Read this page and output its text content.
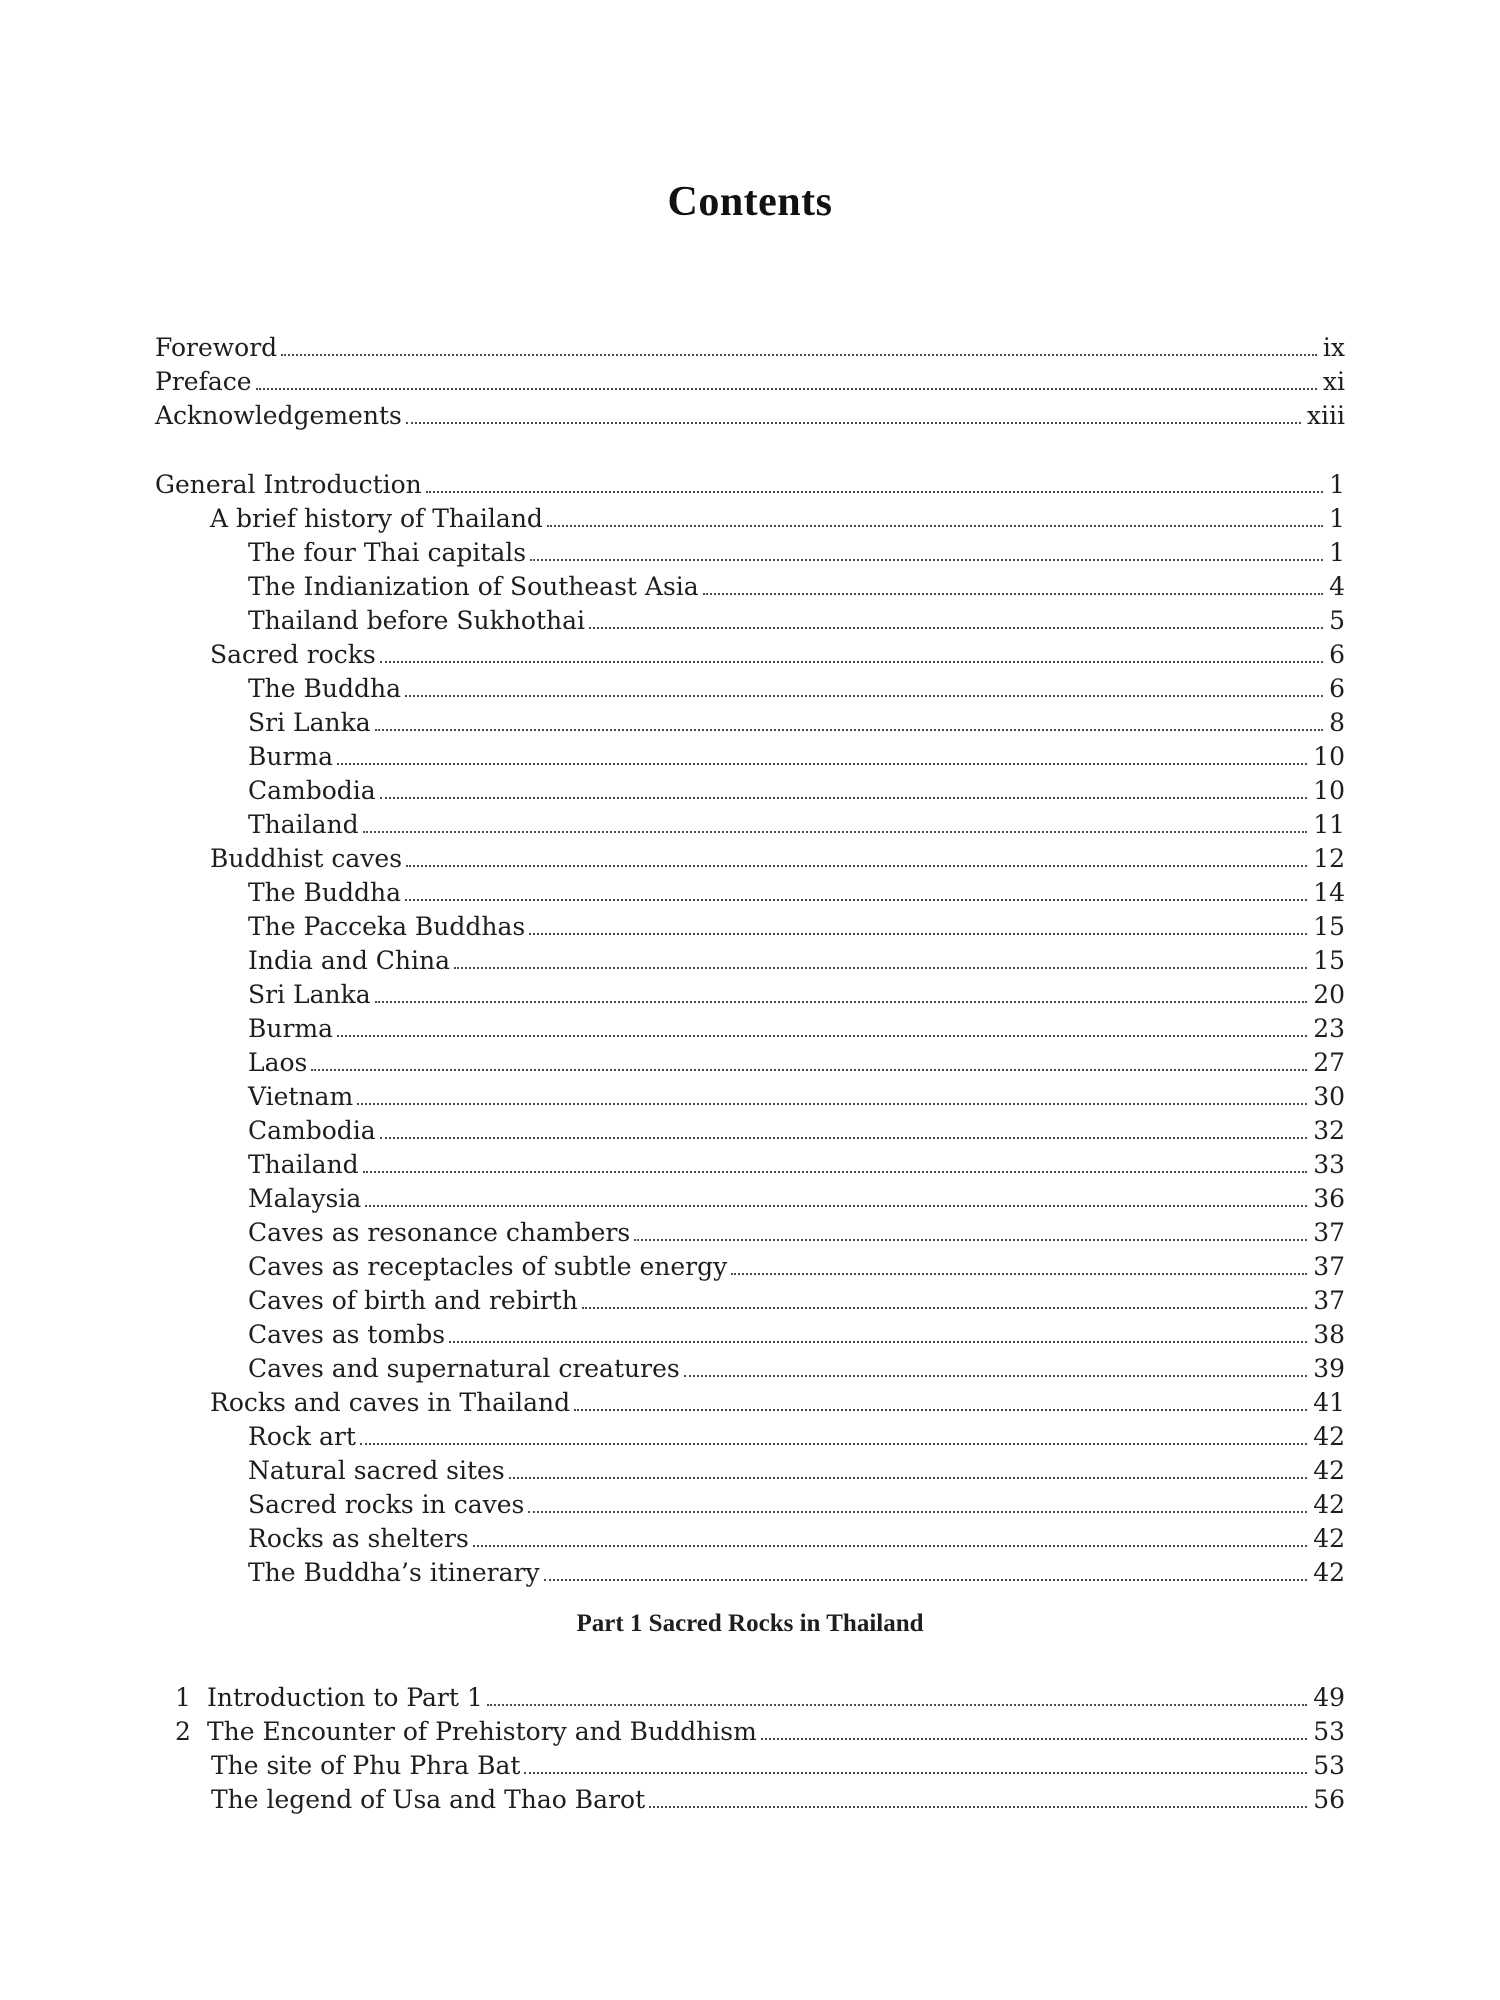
Contents
Foreword	ix
Preface	xi
Acknowledgements	xiii
General Introduction	1
A brief history of Thailand	1
The four Thai capitals	1
The Indianization of Southeast Asia	4
Thailand before Sukhothai	5
Sacred rocks	6
The Buddha	6
Sri Lanka	8
Burma	10
Cambodia	10
Thailand	11
Buddhist caves	12
The Buddha	14
The Pacceka Buddhas	15
India and China	15
Sri Lanka	20
Burma	23
Laos	27
Vietnam	30
Cambodia	32
Thailand	33
Malaysia	36
Caves as resonance chambers	37
Caves as receptacles of subtle energy	37
Caves of birth and rebirth	37
Caves as tombs	38
Caves and supernatural creatures	39
Rocks and caves in Thailand	41
Rock art	42
Natural sacred sites	42
Sacred rocks in caves	42
Rocks as shelters	42
The Buddha’s itinerary	42
Part 1 Sacred Rocks in Thailand
1 Introduction to Part 1	49
2 The Encounter of Prehistory and Buddhism	53
The site of Phu Phra Bat	53
The legend of Usa and Thao Barot	56
